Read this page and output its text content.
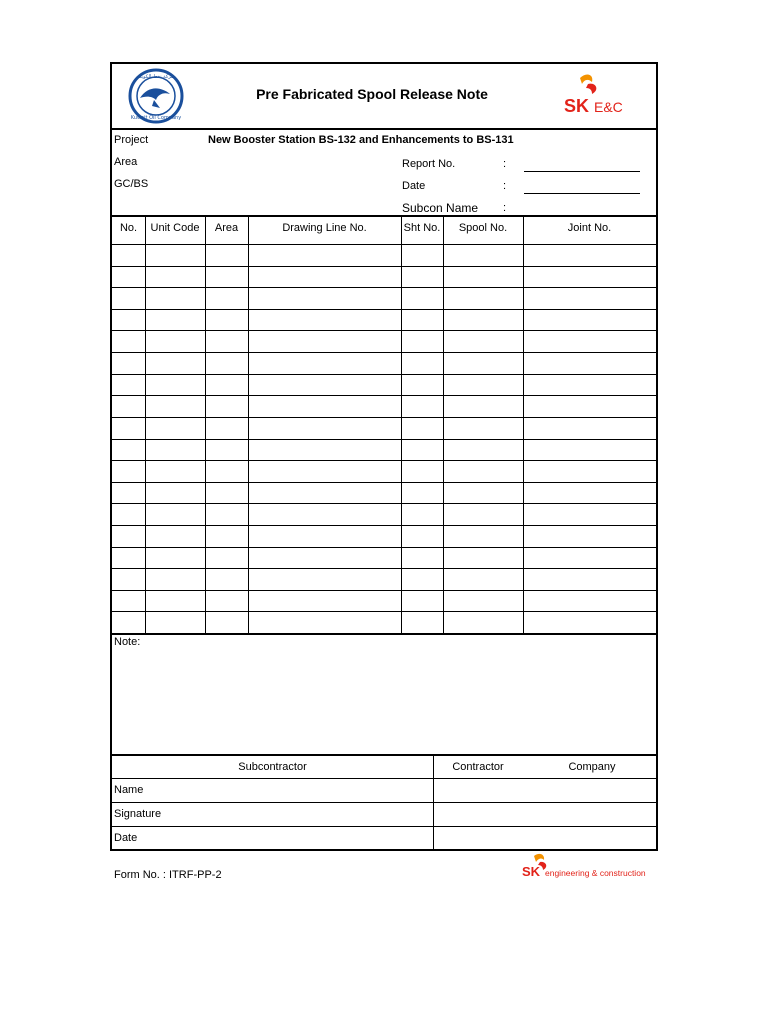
شركة نفط الكويت
Kuwait Oil Company
Pre Fabricated Spool Release Note
SK E&C
Project	New Booster Station BS-132 and Enhancements to BS-131
Area	Report No.	:
GC/BS	Date	:
Subcon Name :
No.	Unit Code	Area	Drawing Line No.	Sht No.	Spool No.	Joint No.
Note:
Subcontractor	Contractor	Company
Name
Signature
Date
Form No. : ITRF-PP-2	SK engineering & construction
